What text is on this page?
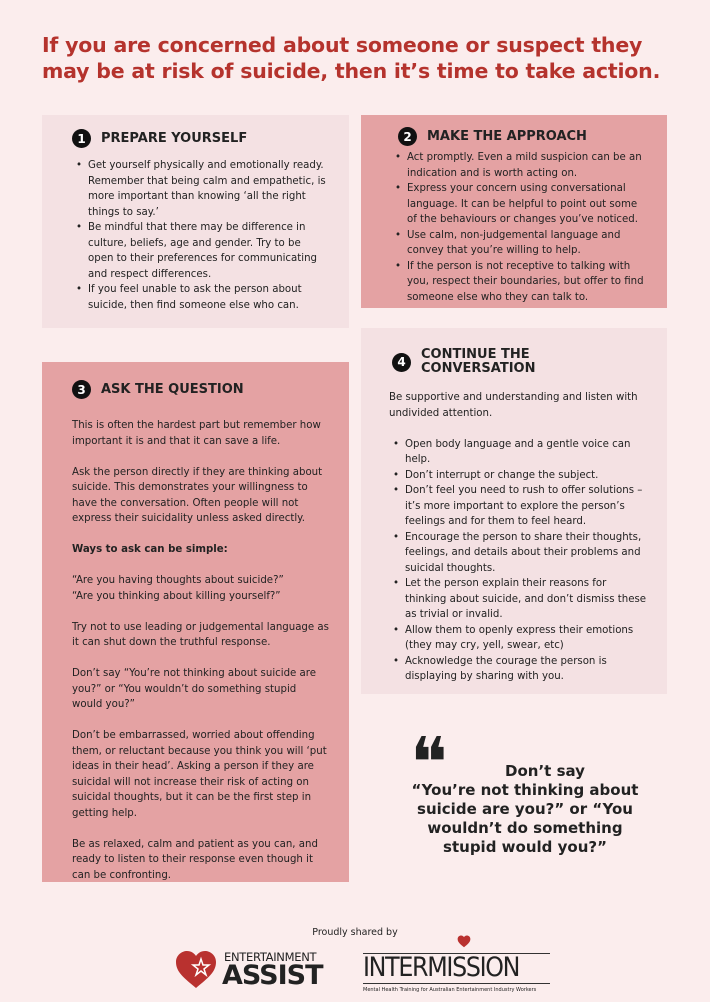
If you are concerned about someone or suspect they may be at risk of suicide, then it’s time to take action.
1	PREPARE YOURSELF
• Get yourself physically and emotionally ready. Remember that being calm and empathetic, is more important than knowing ‘all the right things to say.’
• Be mindful that there may be difference in culture, beliefs, age and gender. Try to be open to their preferences for communicating and respect differences.
• If you feel unable to ask the person about suicide, then find someone else who can.
2	MAKE THE APPROACH
• Act promptly. Even a mild suspicion can be an indication and is worth acting on.
• Express your concern using conversational language. It can be helpful to point out some of the behaviours or changes you’ve noticed.
• Use calm, non-judgemental language and convey that you’re willing to help.
• If the person is not receptive to talking with you, respect their boundaries, but offer to find someone else who they can talk to.
3	ASK THE QUESTION

This is often the hardest part but remember how important it is and that it can save a life.

Ask the person directly if they are thinking about suicide. This demonstrates your willingness to have the conversation. Often people will not express their suicidality unless asked directly.

Ways to ask can be simple:

“Are you having thoughts about suicide?”

“Are you thinking about killing yourself?”

Try not to use leading or judgemental language as it can shut down the truthful response.

Don’t say “You’re not thinking about suicide are you?” or “You wouldn’t do something stupid would you?”

Don’t be embarrassed, worried about offending them, or reluctant because you think you will ‘put ideas in their head’. Asking a person if they are suicidal will not increase their risk of acting on suicidal thoughts, but it can be the first step in getting help.

Be as relaxed, calm and patient as you can, and ready to listen to their response even though it can be confronting.

4	CONTINUE THE CONVERSATION

Be supportive and understanding and listen with undivided attention.

• Open body language and a gentle voice can help.
• Don’t interrupt or change the subject.
• Don’t feel you need to rush to offer solutions – it’s more important to explore the person’s feelings and for them to feel heard.
• Encourage the person to share their thoughts, feelings, and details about their problems and suicidal thoughts.
• Let the person explain their reasons for thinking about suicide, and don’t dismiss these as trivial or invalid.
• Allow them to openly express their emotions (they may cry, yell, swear, etc)
• Acknowledge the courage the person is displaying by sharing with you.
❝	Don’t say
“You’re not thinking about suicide are you?” or “You wouldn’t do something stupid would you?”
Proudly shared by
ENTERTAINMENT
ASSIST INTERMISSION
Mental Health Training for Australian Entertainment Industry Workers
